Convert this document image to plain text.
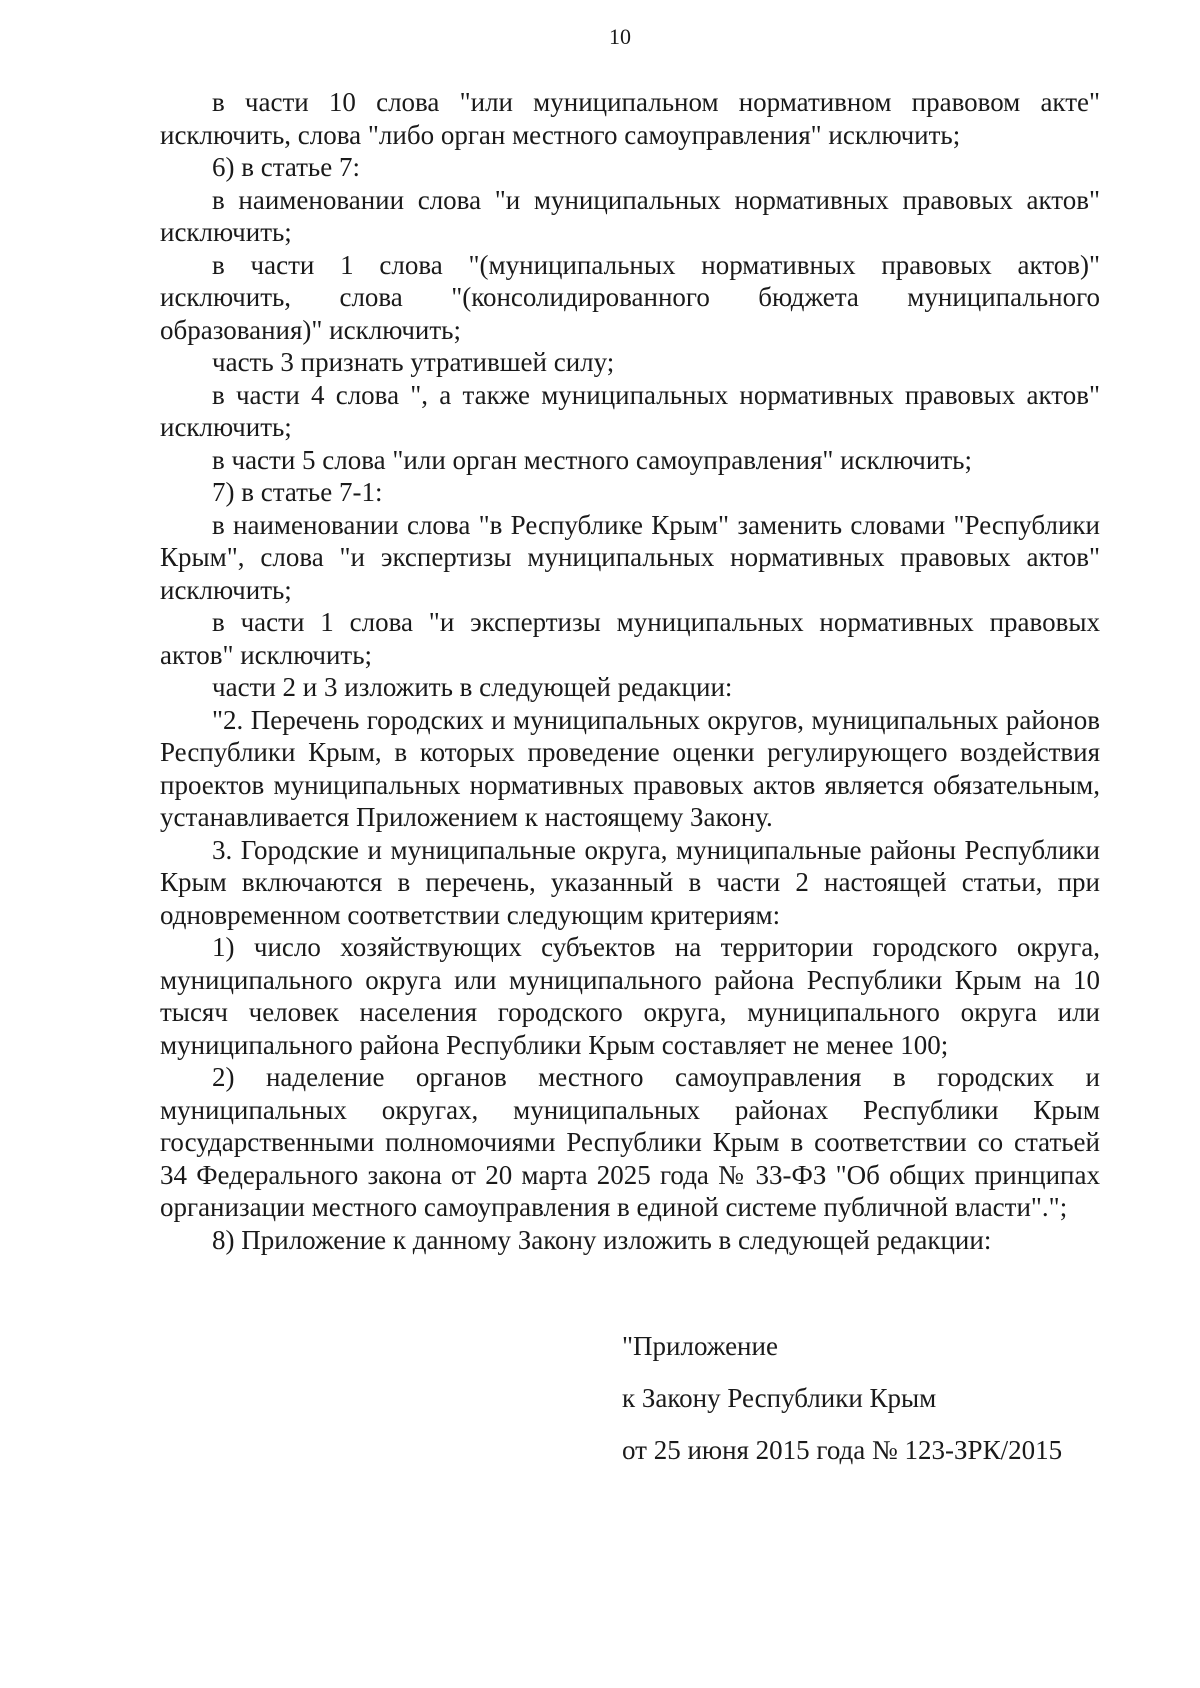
10

в части 10 слова "или муниципальном нормативном правовом акте" исключить, слова "либо орган местного самоуправления" исключить;

6) в статье 7:

в наименовании слова "и муниципальных нормативных правовых актов" исключить;

в части 1 слова "(муниципальных нормативных правовых актов)" исключить, слова "(консолидированного бюджета муниципального образования)" исключить;

часть 3 признать утратившей силу;

в части 4 слова ", а также муниципальных нормативных правовых актов" исключить;

в части 5 слова "или орган местного самоуправления" исключить;

7) в статье 7-1:

в наименовании слова "в Республике Крым" заменить словами "Республики Крым", слова "и экспертизы муниципальных нормативных правовых актов" исключить;

в части 1 слова "и экспертизы муниципальных нормативных правовых актов" исключить;

части 2 и 3 изложить в следующей редакции:

"2. Перечень городских и муниципальных округов, муниципальных районов Республики Крым, в которых проведение оценки регулирующего воздействия проектов муниципальных нормативных правовых актов является обязательным, устанавливается Приложением к настоящему Закону.

3. Городские и муниципальные округа, муниципальные районы Республики Крым включаются в перечень, указанный в части 2 настоящей статьи, при одновременном соответствии следующим критериям:

1) число хозяйствующих субъектов на территории городского округа, муниципального округа или муниципального района Республики Крым на 10 тысяч человек населения городского округа, муниципального округа или муниципального района Республики Крым составляет не менее 100;

2) наделение органов местного самоуправления в городских и муниципальных округах, муниципальных районах Республики Крым государственными полномочиями Республики Крым в соответствии со статьей 34 Федерального закона от 20 марта 2025 года № 33-ФЗ "Об общих принципах организации местного самоуправления в единой системе публичной власти".";

8) Приложение к данному Закону изложить в следующей редакции:

"Приложение

к Закону Республики Крым

от 25 июня 2015 года № 123-ЗРК/2015
